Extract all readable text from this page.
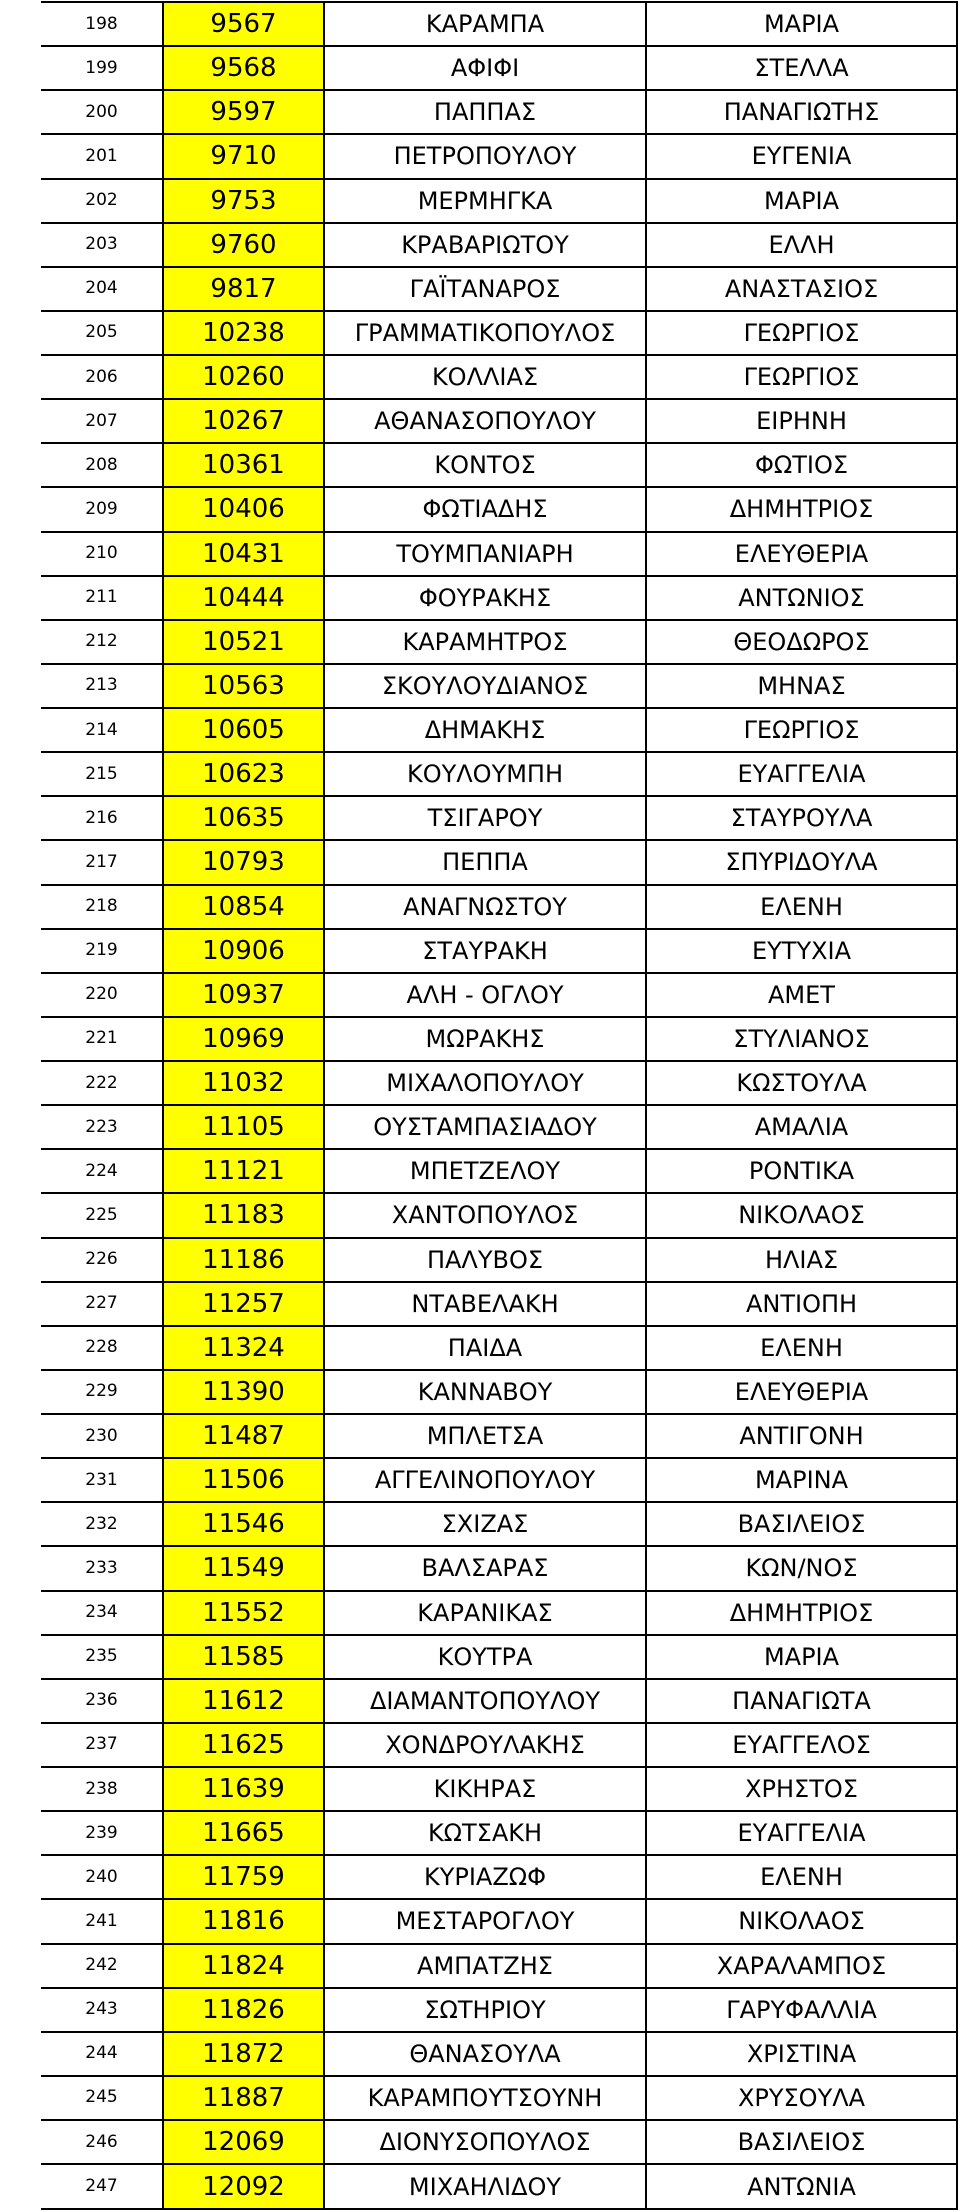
198	9567	ΚΑΡΑΜΠΑ	ΜΑΡΙΑ
199	9568	ΑΦΙΦΙ	ΣΤΕΛΛΑ
200	9597	ΠΑΠΠΑΣ	ΠΑΝΑΓΙΩΤΗΣ
201	9710	ΠΕΤΡΟΠΟΥΛΟΥ	ΕΥΓΕΝΙΑ
202	9753	ΜΕΡΜΗΓΚΑ	ΜΑΡΙΑ
203	9760	ΚΡΑΒΑΡΙΩΤΟΥ	ΕΛΛΗ
204	9817	ΓΑΪΤΑΝΑΡΟΣ	ΑΝΑΣΤΑΣΙΟΣ
205	10238	ΓΡΑΜΜΑΤΙΚΟΠΟΥΛΟΣ	ΓΕΩΡΓΙΟΣ
206	10260	ΚΟΛΛΙΑΣ	ΓΕΩΡΓΙΟΣ
207	10267	ΑΘΑΝΑΣΟΠΟΥΛΟΥ	ΕΙΡΗΝΗ
208	10361	ΚΟΝΤΟΣ	ΦΩΤΙΟΣ
209	10406	ΦΩΤΙΑΔΗΣ	ΔΗΜΗΤΡΙΟΣ
210	10431	ΤΟΥΜΠΑΝΙΑΡΗ	ΕΛΕΥΘΕΡΙΑ
211	10444	ΦΟΥΡΑΚΗΣ	ΑΝΤΩΝΙΟΣ
212	10521	ΚΑΡΑΜΗΤΡΟΣ	ΘΕΟΔΩΡΟΣ
213	10563	ΣΚΟΥΛΟΥΔΙΑΝΟΣ	ΜΗΝΑΣ
214	10605	ΔΗΜΑΚΗΣ	ΓΕΩΡΓΙΟΣ
215	10623	ΚΟΥΛΟΥΜΠΗ	ΕΥΑΓΓΕΛΙΑ
216	10635	ΤΣΙΓΑΡΟΥ	ΣΤΑΥΡΟΥΛΑ
217	10793	ΠΕΠΠΑ	ΣΠΥΡΙΔΟΥΛΑ
218	10854	ΑΝΑΓΝΩΣΤΟΥ	ΕΛΕΝΗ
219	10906	ΣΤΑΥΡΑΚΗ	ΕΥΤΥΧΙΑ
220	10937	ΑΛΗ - ΟΓΛΟΥ	ΑΜΕΤ
221	10969	ΜΩΡΑΚΗΣ	ΣΤΥΛΙΑΝΟΣ
222	11032	ΜΙΧΑΛΟΠΟΥΛΟΥ	ΚΩΣΤΟΥΛΑ
223	11105	ΟΥΣΤΑΜΠΑΣΙΑΔΟΥ	ΑΜΑΛΙΑ
224	11121	ΜΠΕΤΖΕΛΟΥ	ΡΟΝΤΙΚΑ
225	11183	ΧΑΝΤΟΠΟΥΛΟΣ	ΝΙΚΟΛΑΟΣ
226	11186	ΠΑΛΥΒΟΣ	ΗΛΙΑΣ
227	11257	ΝΤΑΒΕΛΑΚΗ	ΑΝΤΙΟΠΗ
228	11324	ΠΑΙΔΑ	ΕΛΕΝΗ
229	11390	ΚΑΝΝΑΒΟΥ	ΕΛΕΥΘΕΡΙΑ
230	11487	ΜΠΛΕΤΣΑ	ΑΝΤΙΓΟΝΗ
231	11506	ΑΓΓΕΛΙΝΟΠΟΥΛΟΥ	ΜΑΡΙΝΑ
232	11546	ΣΧΙΖΑΣ	ΒΑΣΙΛΕΙΟΣ
233	11549	ΒΑΛΣΑΡΑΣ	ΚΩΝ/ΝΟΣ
234	11552	ΚΑΡΑΝΙΚΑΣ	ΔΗΜΗΤΡΙΟΣ
235	11585	ΚΟΥΤΡΑ	ΜΑΡΙΑ
236	11612	ΔΙΑΜΑΝΤΟΠΟΥΛΟΥ	ΠΑΝΑΓΙΩΤΑ
237	11625	ΧΟΝΔΡΟΥΛΑΚΗΣ	ΕΥΑΓΓΕΛΟΣ
238	11639	ΚΙΚΗΡΑΣ	ΧΡΗΣΤΟΣ
239	11665	ΚΩΤΣΑΚΗ	ΕΥΑΓΓΕΛΙΑ
240	11759	ΚΥΡΙΑΖΩΦ	ΕΛΕΝΗ
241	11816	ΜΕΣΤΑΡΟΓΛΟΥ	ΝΙΚΟΛΑΟΣ
242	11824	ΑΜΠΑΤΖΗΣ	ΧΑΡΑΛΑΜΠΟΣ
243	11826	ΣΩΤΗΡΙΟΥ	ΓΑΡΥΦΑΛΛΙΑ
244	11872	ΘΑΝΑΣΟΥΛΑ	ΧΡΙΣΤΙΝΑ
245	11887	ΚΑΡΑΜΠΟΥΤΣΟΥΝΗ	ΧΡΥΣΟΥΛΑ
246	12069	ΔΙΟΝΥΣΟΠΟΥΛΟΣ	ΒΑΣΙΛΕΙΟΣ
247	12092	ΜΙΧΑΗΛΙΔΟΥ	ΑΝΤΩΝΙΑ
